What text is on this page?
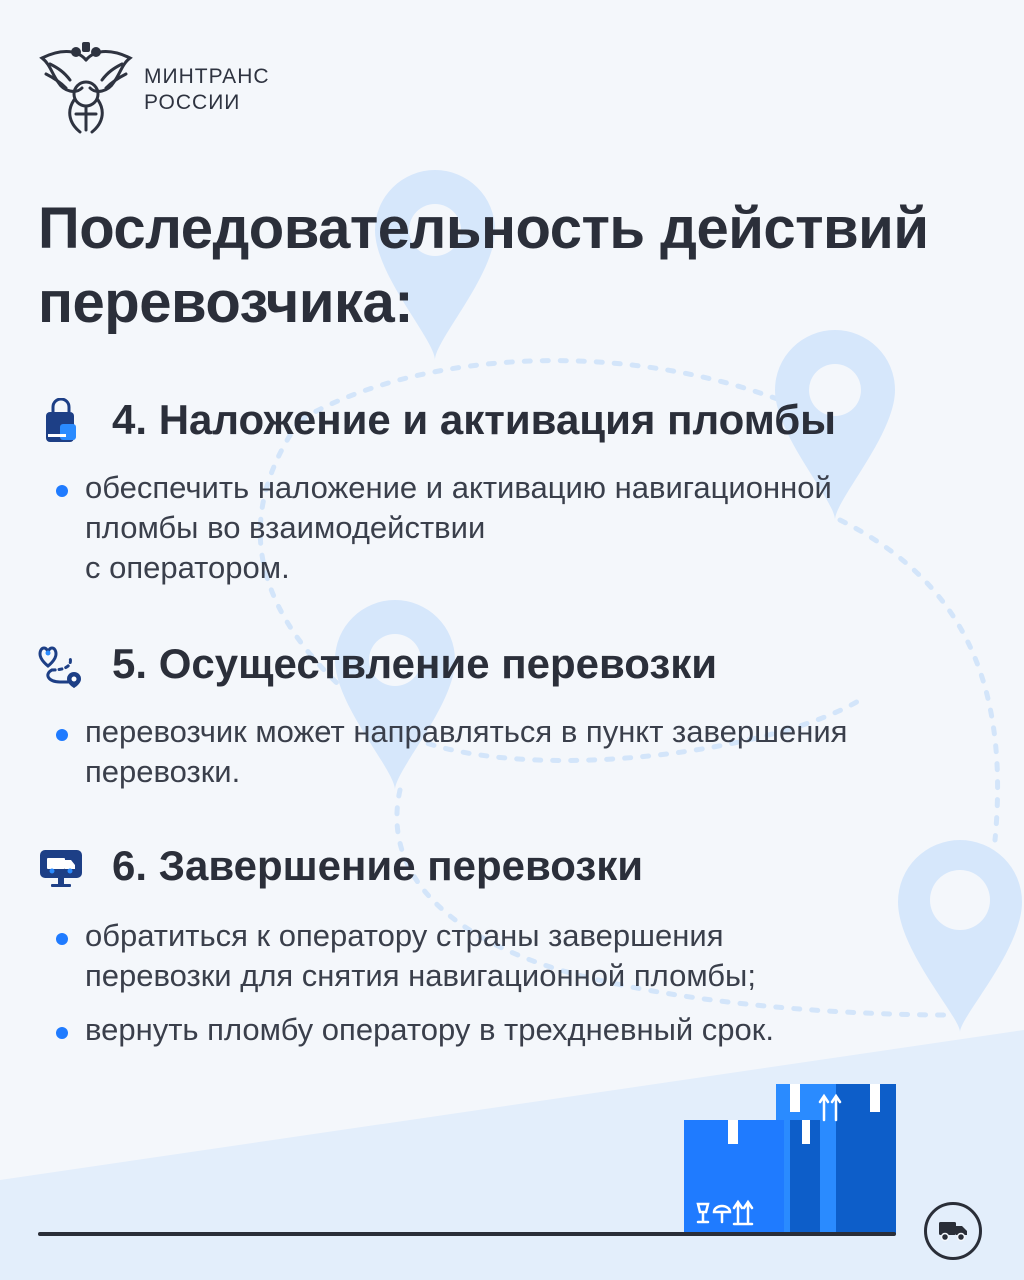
МИНТРАНС
РОССИИ
Последовательность действий
перевозчика:
4. Наложение и активация пломбы
обеспечить наложение и активацию навигационной
пломбы во взаимодействии
с оператором.
5. Осуществление перевозки
перевозчик может направляться в пункт завершения
перевозки.
6. Завершение перевозки
обратиться к оператору страны завершения
перевозки для снятия навигационной пломбы;
вернуть пломбу оператору в трехдневный срок.
